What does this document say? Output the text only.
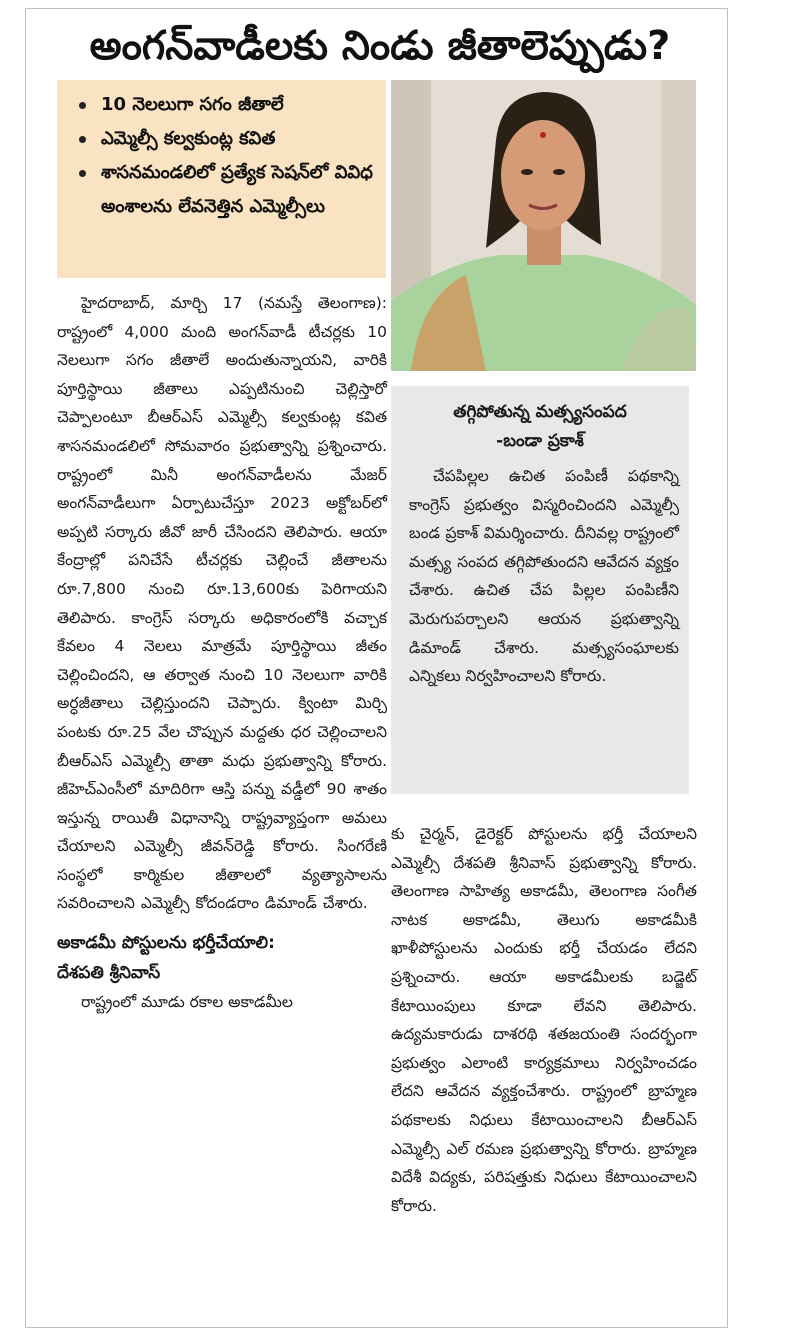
అంగన్‌వాడీలకు నిండు జీతాలెప్పుడు?
10 నెలలుగా సగం జీతాలే
ఎమ్మెల్సీ కల్వకుంట్ల కవిత
శాసనమండలిలో ప్రత్యేక సెషన్‌లో వివిధ అంశాలను లేవనెత్తిన ఎమ్మెల్సీలు

హైదరాబాద్, మార్చి 17 (నమస్తే తెలంగాణ): రాష్ట్రంలో 4,000 మంది అంగన్‌వాడీ టీచర్లకు 10 నెలలుగా సగం జీతాలే అందుతున్నాయని, వారికి పూర్తిస్థాయి జీతాలు ఎప్పటినుంచి చెల్లిస్తారో చెప్పాలంటూ బీఆర్‌ఎస్ ఎమ్మెల్సీ కల్వకుంట్ల కవిత శాసనమండలిలో సోమవారం ప్రభుత్వాన్ని ప్రశ్నించారు. రాష్ట్రంలో మినీ అంగన్‌వాడీలను మేజర్ అంగన్‌వాడీలుగా ఏర్పాటుచేస్తూ 2023 అక్టోబర్‌లో అప్పటి సర్కారు జీవో జారీ చేసిందని తెలిపారు. ఆయా కేంద్రాల్లో పనిచేసే టీచర్లకు చెల్లించే జీతాలను రూ.7,800 నుంచి రూ.13,600కు పెరిగాయని తెలిపారు. కాంగ్రెస్ సర్కారు అధికారంలోకి వచ్చాక కేవలం 4 నెలలు మాత్రమే పూర్తిస్థాయి జీతం చెల్లించిందని, ఆ తర్వాత నుంచి 10 నెలలుగా వారికి అర్ధజీతాలు చెల్లిస్తుందని చెప్పారు. క్వింటా మిర్చి పంటకు రూ.25 వేల చొప్పున మద్దతు ధర చెల్లించాలని బీఆర్‌ఎస్ ఎమ్మెల్సీ తాతా మధు ప్రభుత్వాన్ని కోరారు. జీహెచ్‌ఎంసీలో మాదిరిగా ఆస్తి పన్ను వడ్డీలో 90 శాతం ఇస్తున్న రాయితీ విధానాన్ని రాష్ట్రవ్యాప్తంగా అమలు చేయాలని ఎమ్మెల్సీ జీవన్‌రెడ్డి కోరారు. సింగరేణి సంస్థలో కార్మికుల జీతాలలో వ్యత్యాసాలను సవరించాలని ఎమ్మెల్సీ కోదండరాం డిమాండ్ చేశారు.

అకాడమీ పోస్టులను భర్తీచేయాలి:
దేశపతి శ్రీనివాస్

రాష్ట్రంలో మూడు రకాల అకాడమీల

తగ్గిపోతున్న మత్స్యసంపద
-బండా ప్రకాశ్
చేపపిల్లల ఉచిత పంపిణీ పథకాన్ని కాంగ్రెస్ ప్రభుత్వం విస్మరించిందని ఎమ్మెల్సీ బండ ప్రకాశ్ విమర్శించారు. దీనివల్ల రాష్ట్రంలో మత్స్య సంపద తగ్గిపోతుందని ఆవేదన వ్యక్తం చేశారు. ఉచిత చేప పిల్లల పంపిణీని మెరుగుపర్చాలని ఆయన ప్రభుత్వాన్ని డిమాండ్ చేశారు. మత్స్యసంఘాలకు ఎన్నికలు నిర్వహించాలని కోరారు.

కు చైర్మన్, డైరెక్టర్ పోస్టులను భర్తీ చేయాలని ఎమ్మెల్సీ దేశపతి శ్రీనివాస్ ప్రభుత్వాన్ని కోరారు. తెలంగాణ సాహిత్య అకాడమీ, తెలంగాణ సంగీత నాటక అకాడమీ, తెలుగు అకాడమీకి ఖాళీపోస్టులను ఎందుకు భర్తీ చేయడం లేదని ప్రశ్నించారు. ఆయా అకాడమీలకు బడ్జెట్ కేటాయింపులు కూడా లేవని తెలిపారు. ఉద్యమకారుడు దాశరథి శతజయంతి సందర్భంగా ప్రభుత్వం ఎలాంటి కార్యక్రమాలు నిర్వహించడం లేదని ఆవేదన వ్యక్తంచేశారు. రాష్ట్రంలో బ్రాహ్మణ పథకాలకు నిధులు కేటాయించాలని బీఆర్‌ఎస్ ఎమ్మెల్సీ ఎల్ రమణ ప్రభుత్వాన్ని కోరారు. బ్రాహ్మణ విదేశీ విద్యకు, పరిషత్తుకు నిధులు కేటాయించాలని కోరారు.
